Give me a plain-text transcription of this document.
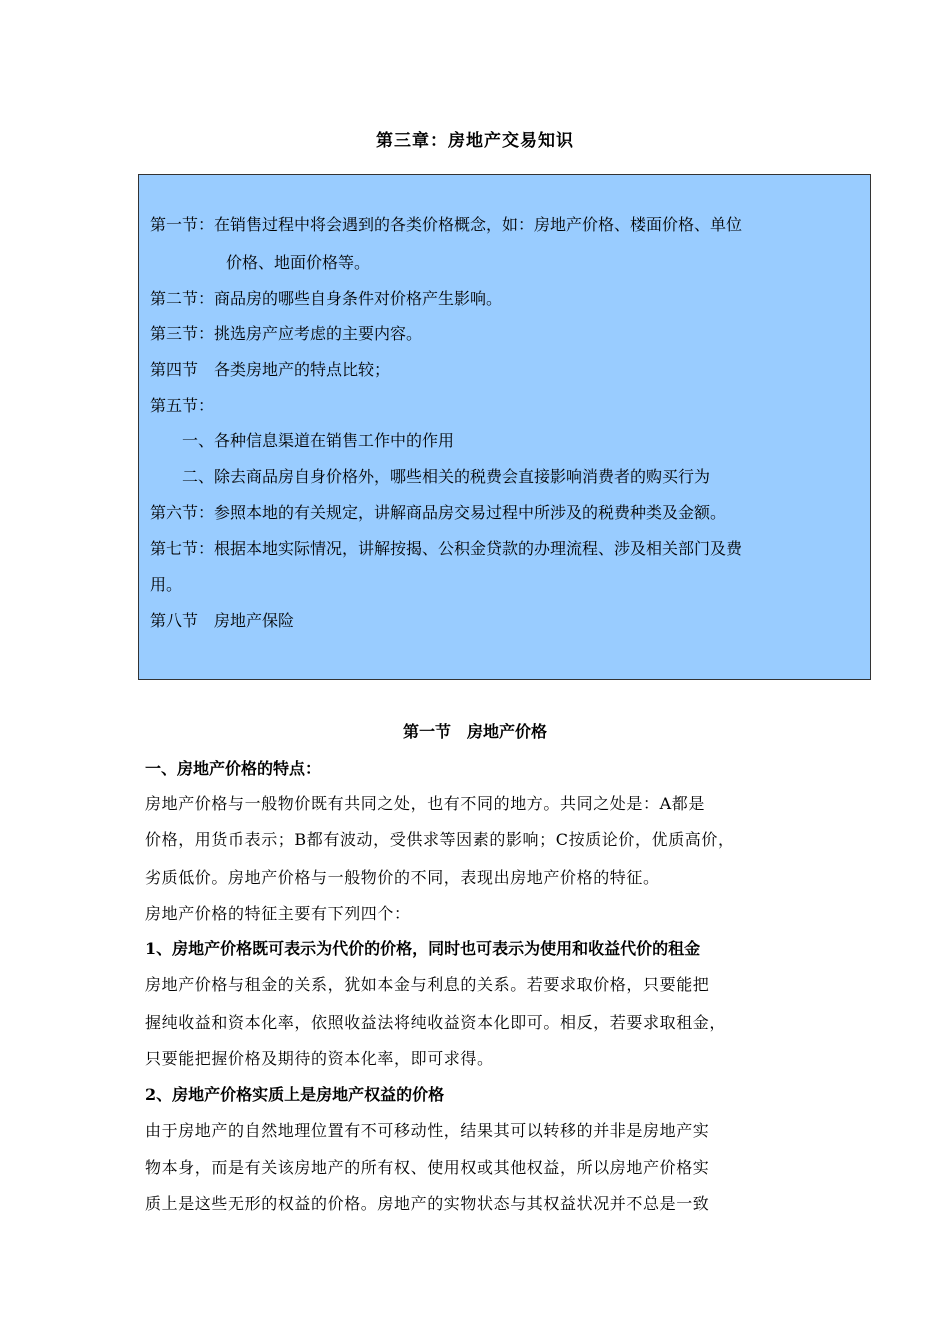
第三章：房地产交易知识
第一节：在销售过程中将会遇到的各类价格概念，如：房地产价格、楼面价格、单位
价格、地面价格等。
第二节：商品房的哪些自身条件对价格产生影响。
第三节：挑选房产应考虑的主要内容。
第四节　各类房地产的特点比较；
第五节：
一、各种信息渠道在销售工作中的作用
二、除去商品房自身价格外，哪些相关的税费会直接影响消费者的购买行为
第六节：参照本地的有关规定，讲解商品房交易过程中所涉及的税费种类及金额。
第七节：根据本地实际情况，讲解按揭、公积金贷款的办理流程、涉及相关部门及费
用。
第八节　房地产保险
第一节　房地产价格
一、房地产价格的特点：
房地产价格与一般物价既有共同之处，也有不同的地方。共同之处是：A都是
价格，用货币表示；B都有波动，受供求等因素的影响；C按质论价，优质高价，
劣质低价。房地产价格与一般物价的不同，表现出房地产价格的特征。
房地产价格的特征主要有下列四个：
1、房地产价格既可表示为代价的价格，同时也可表示为使用和收益代价的租金
房地产价格与租金的关系，犹如本金与利息的关系。若要求取价格，只要能把
握纯收益和资本化率，依照收益法将纯收益资本化即可。相反，若要求取租金，
只要能把握价格及期待的资本化率，即可求得。
2、房地产价格实质上是房地产权益的价格
由于房地产的自然地理位置有不可移动性，结果其可以转移的并非是房地产实
物本身，而是有关该房地产的所有权、使用权或其他权益，所以房地产价格实
质上是这些无形的权益的价格。房地产的实物状态与其权益状况并不总是一致
